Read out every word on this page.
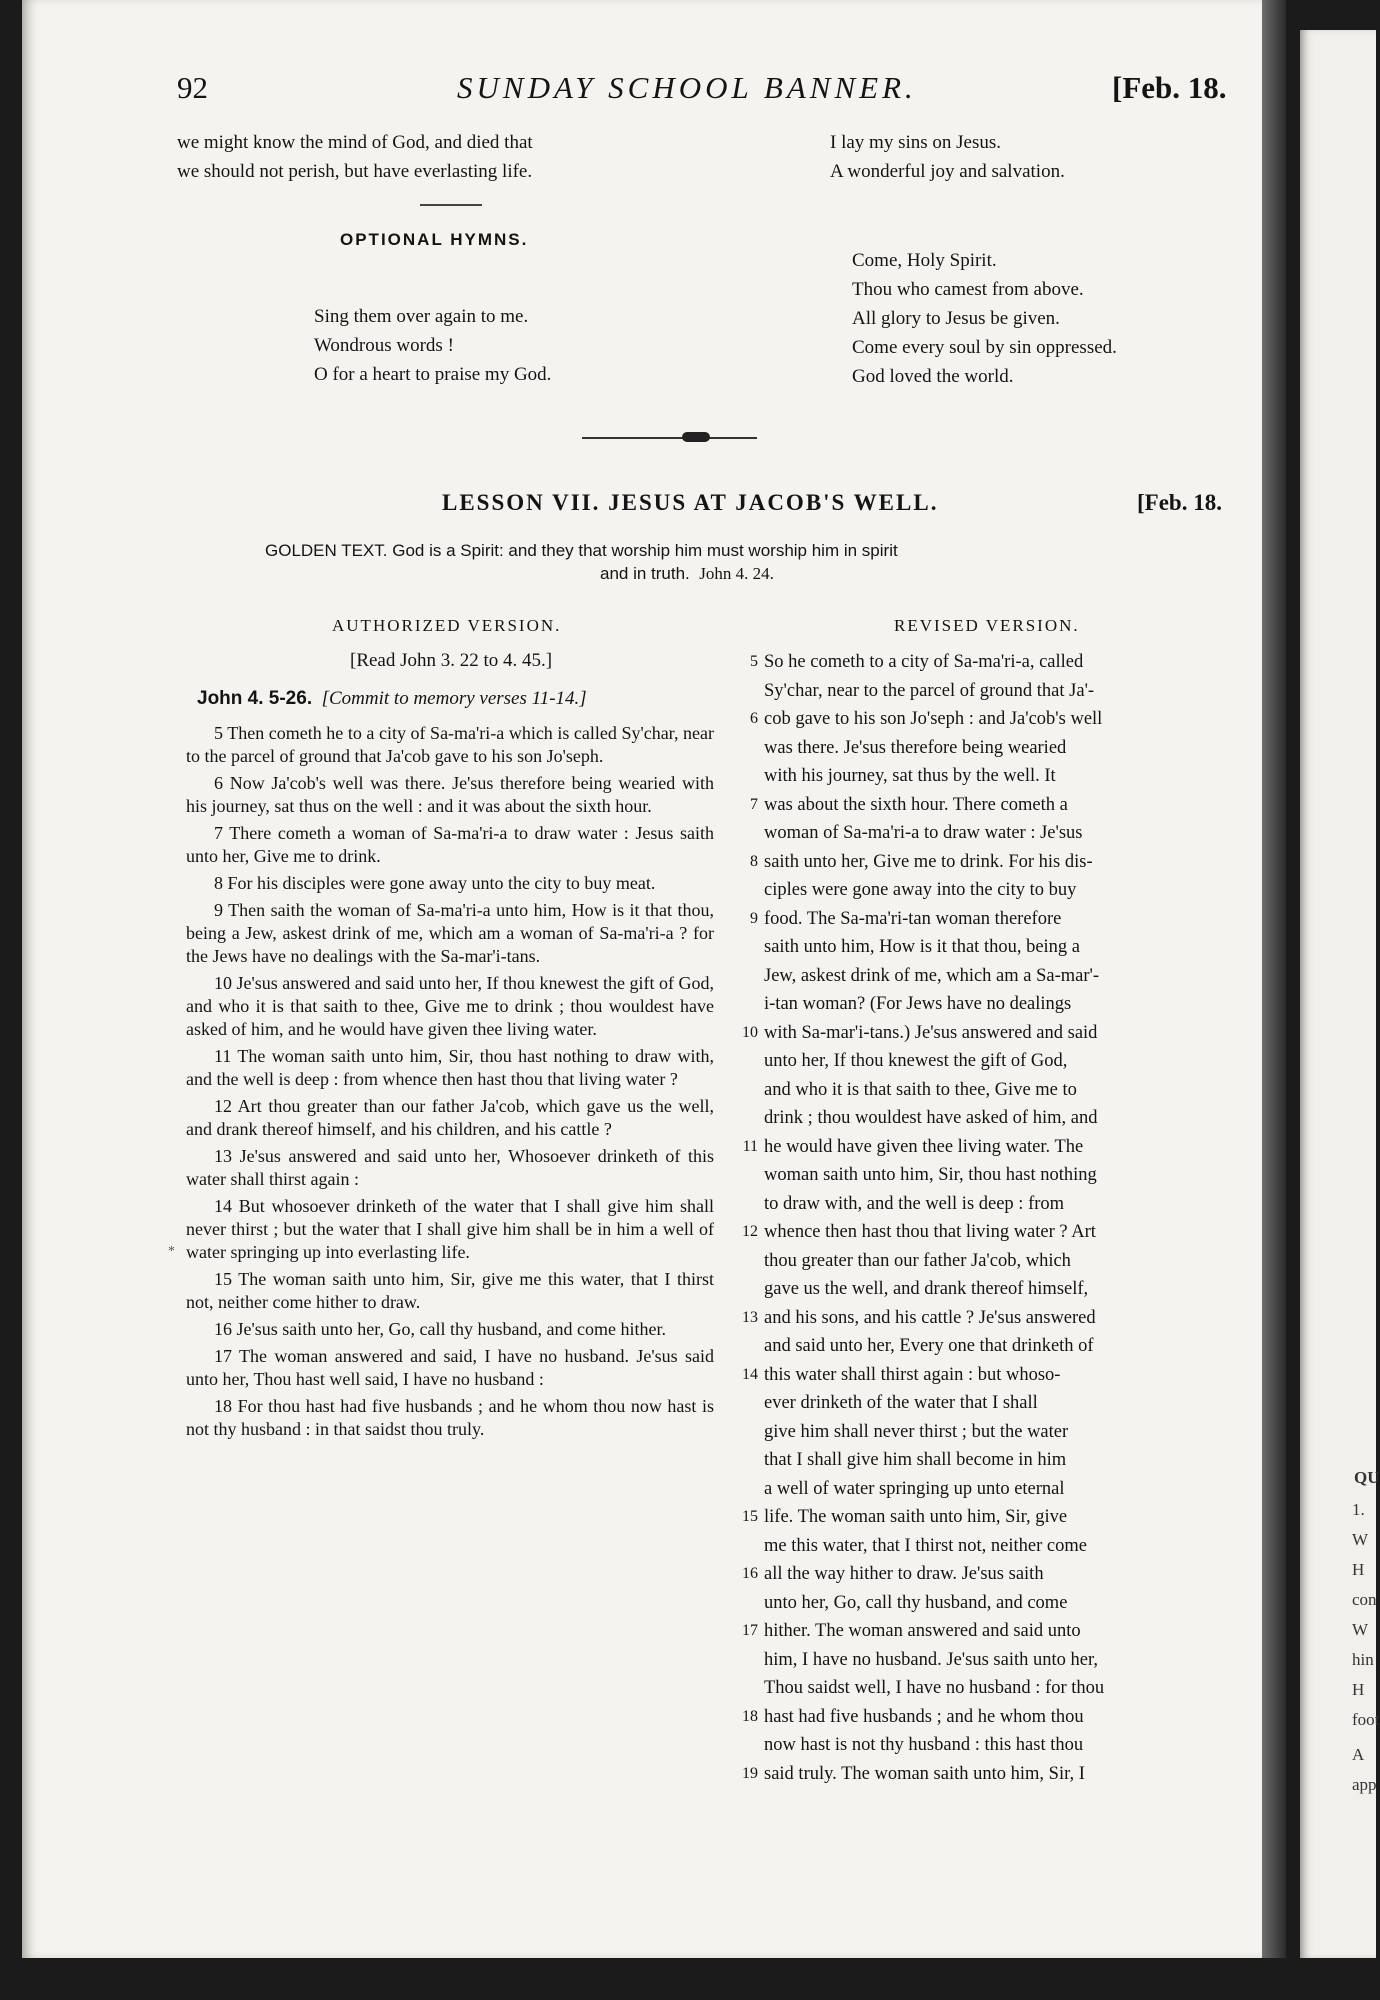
92	SUNDAY SCHOOL BANNER.	[Feb. 18.
we might know the mind of God, and died that
we should not perish, but have everlasting life.
I lay my sins on Jesus.
A wonderful joy and salvation.
OPTIONAL HYMNS.
Sing them over again to me.
Wondrous words !
O for a heart to praise my God.
Come, Holy Spirit.
Thou who camest from above.
All glory to Jesus be given.
Come every soul by sin oppressed.
God loved the world.
LESSON VII. JESUS AT JACOB'S WELL.	[Feb. 18.
GOLDEN TEXT. God is a Spirit: and they that worship him must worship him in spirit
and in truth. John 4. 24.
AUTHORIZED VERSION.	REVISED VERSION.
[Read John 3. 22 to 4. 45.]
John 4. 5-26. [Commit to memory verses 11-14.]

5 Then cometh he to a city of Sa-ma'ri-a which is called Sy'char, near to the parcel of ground that Ja'cob gave to his son Jo'seph.

6 Now Ja'cob's well was there. Je'sus therefore being wearied with his journey, sat thus on the well : and it was about the sixth hour.

7 There cometh a woman of Sa-ma'ri-a to draw water : Jesus saith unto her, Give me to drink.

8 For his disciples were gone away unto the city to buy meat.

9 Then saith the woman of Sa-ma'ri-a unto him, How is it that thou, being a Jew, askest drink of me, which am a woman of Sa-ma'ri-a ? for the Jews have no dealings with the Sa-mar'i-tans.

10 Je'sus answered and said unto her, If thou knewest the gift of God, and who it is that saith to thee, Give me to drink ; thou wouldest have asked of him, and he would have given thee living water.

11 The woman saith unto him, Sir, thou hast nothing to draw with, and the well is deep : from whence then hast thou that living water ?

12 Art thou greater than our father Ja'cob, which gave us the well, and drank thereof himself, and his children, and his cattle ?

13 Je'sus answered and said unto her, Whosoever drinketh of this water shall thirst again :

14 But whosoever drinketh of the water that I shall give him shall never thirst ; but the water that I shall give him shall be in him a well of water springing up into everlasting life.

15 The woman saith unto him, Sir, give me this water, that I thirst not, neither come hither to draw.

16 Je'sus saith unto her, Go, call thy husband, and come hither.

17 The woman answered and said, I have no husband. Je'sus said unto her, Thou hast well said, I have no husband :

18 For thou hast had five husbands ; and he whom thou now hast is not thy husband : in that saidst thou truly.

*
5 So he cometh to a city of Sa-ma'ri-a, called
Sy'char, near to the parcel of ground that Ja'-
6 cob gave to his son Jo'seph : and Ja'cob's well
was there. Je'sus therefore being wearied
with his journey, sat thus by the well. It
7 was about the sixth hour. There cometh a
woman of Sa-ma'ri-a to draw water : Je'sus
8 saith unto her, Give me to drink. For his dis-
ciples were gone away into the city to buy
9 food. The Sa-ma'ri-tan woman therefore
saith unto him, How is it that thou, being a
Jew, askest drink of me, which am a Sa-mar'-
i-tan woman? (For Jews have no dealings
10 with Sa-mar'i-tans.) Je'sus answered and said
unto her, If thou knewest the gift of God,
and who it is that saith to thee, Give me to
drink ; thou wouldest have asked of him, and
11 he would have given thee living water. The
woman saith unto him, Sir, thou hast nothing
to draw with, and the well is deep : from
12 whence then hast thou that living water ? Art
thou greater than our father Ja'cob, which
gave us the well, and drank thereof himself,
13 and his sons, and his cattle ? Je'sus answered
and said unto her, Every one that drinketh of
14 this water shall thirst again : but whoso-
ever drinketh of the water that I shall
give him shall never thirst ; but the water
that I shall give him shall become in him
a well of water springing up unto eternal
15 life. The woman saith unto him, Sir, give
me this water, that I thirst not, neither come
16 all the way hither to draw. Je'sus saith
unto her, Go, call thy husband, and come
17 hither. The woman answered and said unto
him, I have no husband. Je'sus saith unto her,
Thou saidst well, I have no husband : for thou
18 hast had five husbands ; and he whom thou
now hast is not thy husband : this hast thou
19 said truly. The woman saith unto him, Sir, I
QU
1.
W
H
con
W
hin
H
foot
A
app
